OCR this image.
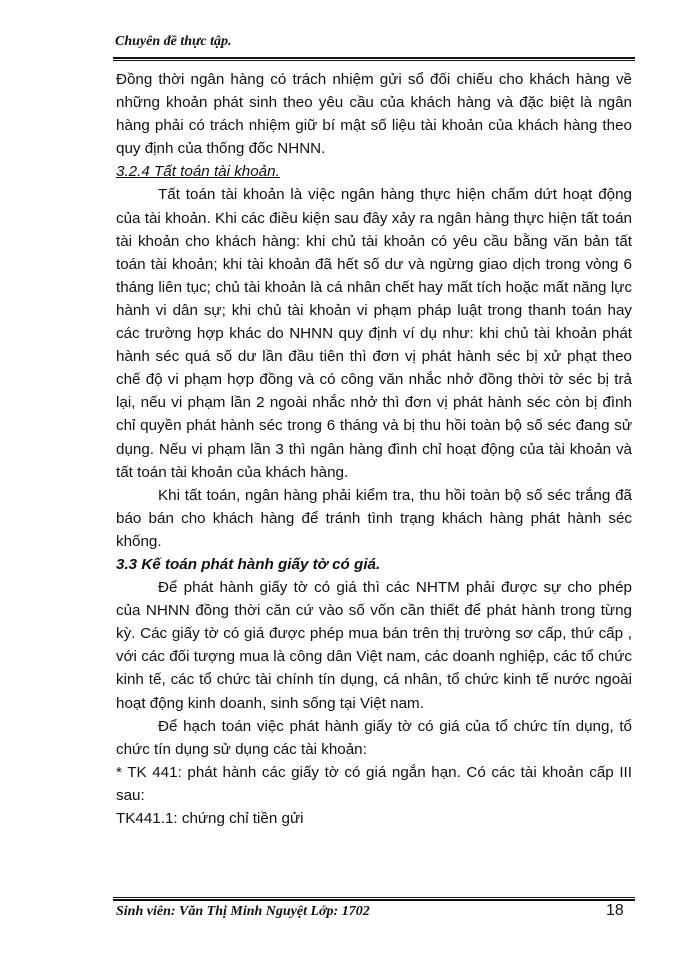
Chuyên đề thực tập.

Đồng thời ngân hàng có trách nhiệm gửi sổ đối chiếu cho khách hàng về những khoản phát sinh theo yêu cầu của khách hàng và đặc biệt là ngân hàng phải có trách nhiệm giữ bí mật số liệu tài khoản của khách hàng theo quy định của thống đốc NHNN.

3.2.4 Tất toán tài khoản.

Tất toán tài khoản là việc ngân hàng thực hiện chấm dứt hoạt động của tài khoản. Khi các điều kiện sau đây xảy ra ngân hàng thực hiện tất toán tài khoản cho khách hàng: khi chủ tài khoản có yêu cầu bằng văn bản tất toán tài khoản; khi tài khoản đã hết số dư và ngừng giao dịch trong vòng 6 tháng liên tục; chủ tài khoản là cá nhân chết hay mất tích hoặc mất năng lực hành vi dân sự; khi chủ tài khoản vi phạm pháp luật trong thanh toán hay các trường hợp khác do NHNN quy định ví dụ như: khi chủ tài khoản phát hành séc quá số dư lần đầu tiên thì đơn vị phát hành séc bị xử phạt theo chế độ vi phạm hợp đồng và có công văn nhắc nhở đồng thời tờ séc bị trả lại, nếu vi phạm lần 2 ngoài nhắc nhở thì đơn vị phát hành séc còn bị đình chỉ quyền phát hành séc trong 6 tháng và bị thu hồi toàn bộ số séc đang sử dụng. Nếu vi phạm lần 3 thì ngân hàng đình chỉ hoạt động của tài khoản và tất toán tài khoản của khách hàng.

Khi tất toán, ngân hàng phải kiểm tra, thu hồi toàn bộ số séc trắng đã báo bán cho khách hàng để tránh tình trạng khách hàng phát hành séc khống.

3.3 Kế toán phát hành giấy tờ có giá.

Để phát hành giấy tờ có giá thì các NHTM phải được sự cho phép của NHNN đồng thời căn cứ vào số vốn cần thiết để phát hành trong từng kỳ. Các giấy tờ có giá được phép mua bán trên thị trường sơ cấp, thứ cấp , với các đối tượng mua là công dân Việt nam, các doanh nghiệp, các tổ chức kinh tế, các tổ chức tài chính tín dụng, cá nhân, tổ chức kinh tế nước ngoài hoạt động kinh doanh, sinh sống tại Việt nam.

Để hạch toán việc phát hành giấy tờ có giá của tổ chức tín dụng, tổ chức tín dụng sử dụng các tài khoản:

* TK 441: phát hành các giấy tờ có giá ngắn hạn. Có các tài khoản cấp III sau:

TK441.1: chứng chỉ tiền gửi

Sinh viên: Văn Thị Minh Nguyệt Lớp: 1702	18
